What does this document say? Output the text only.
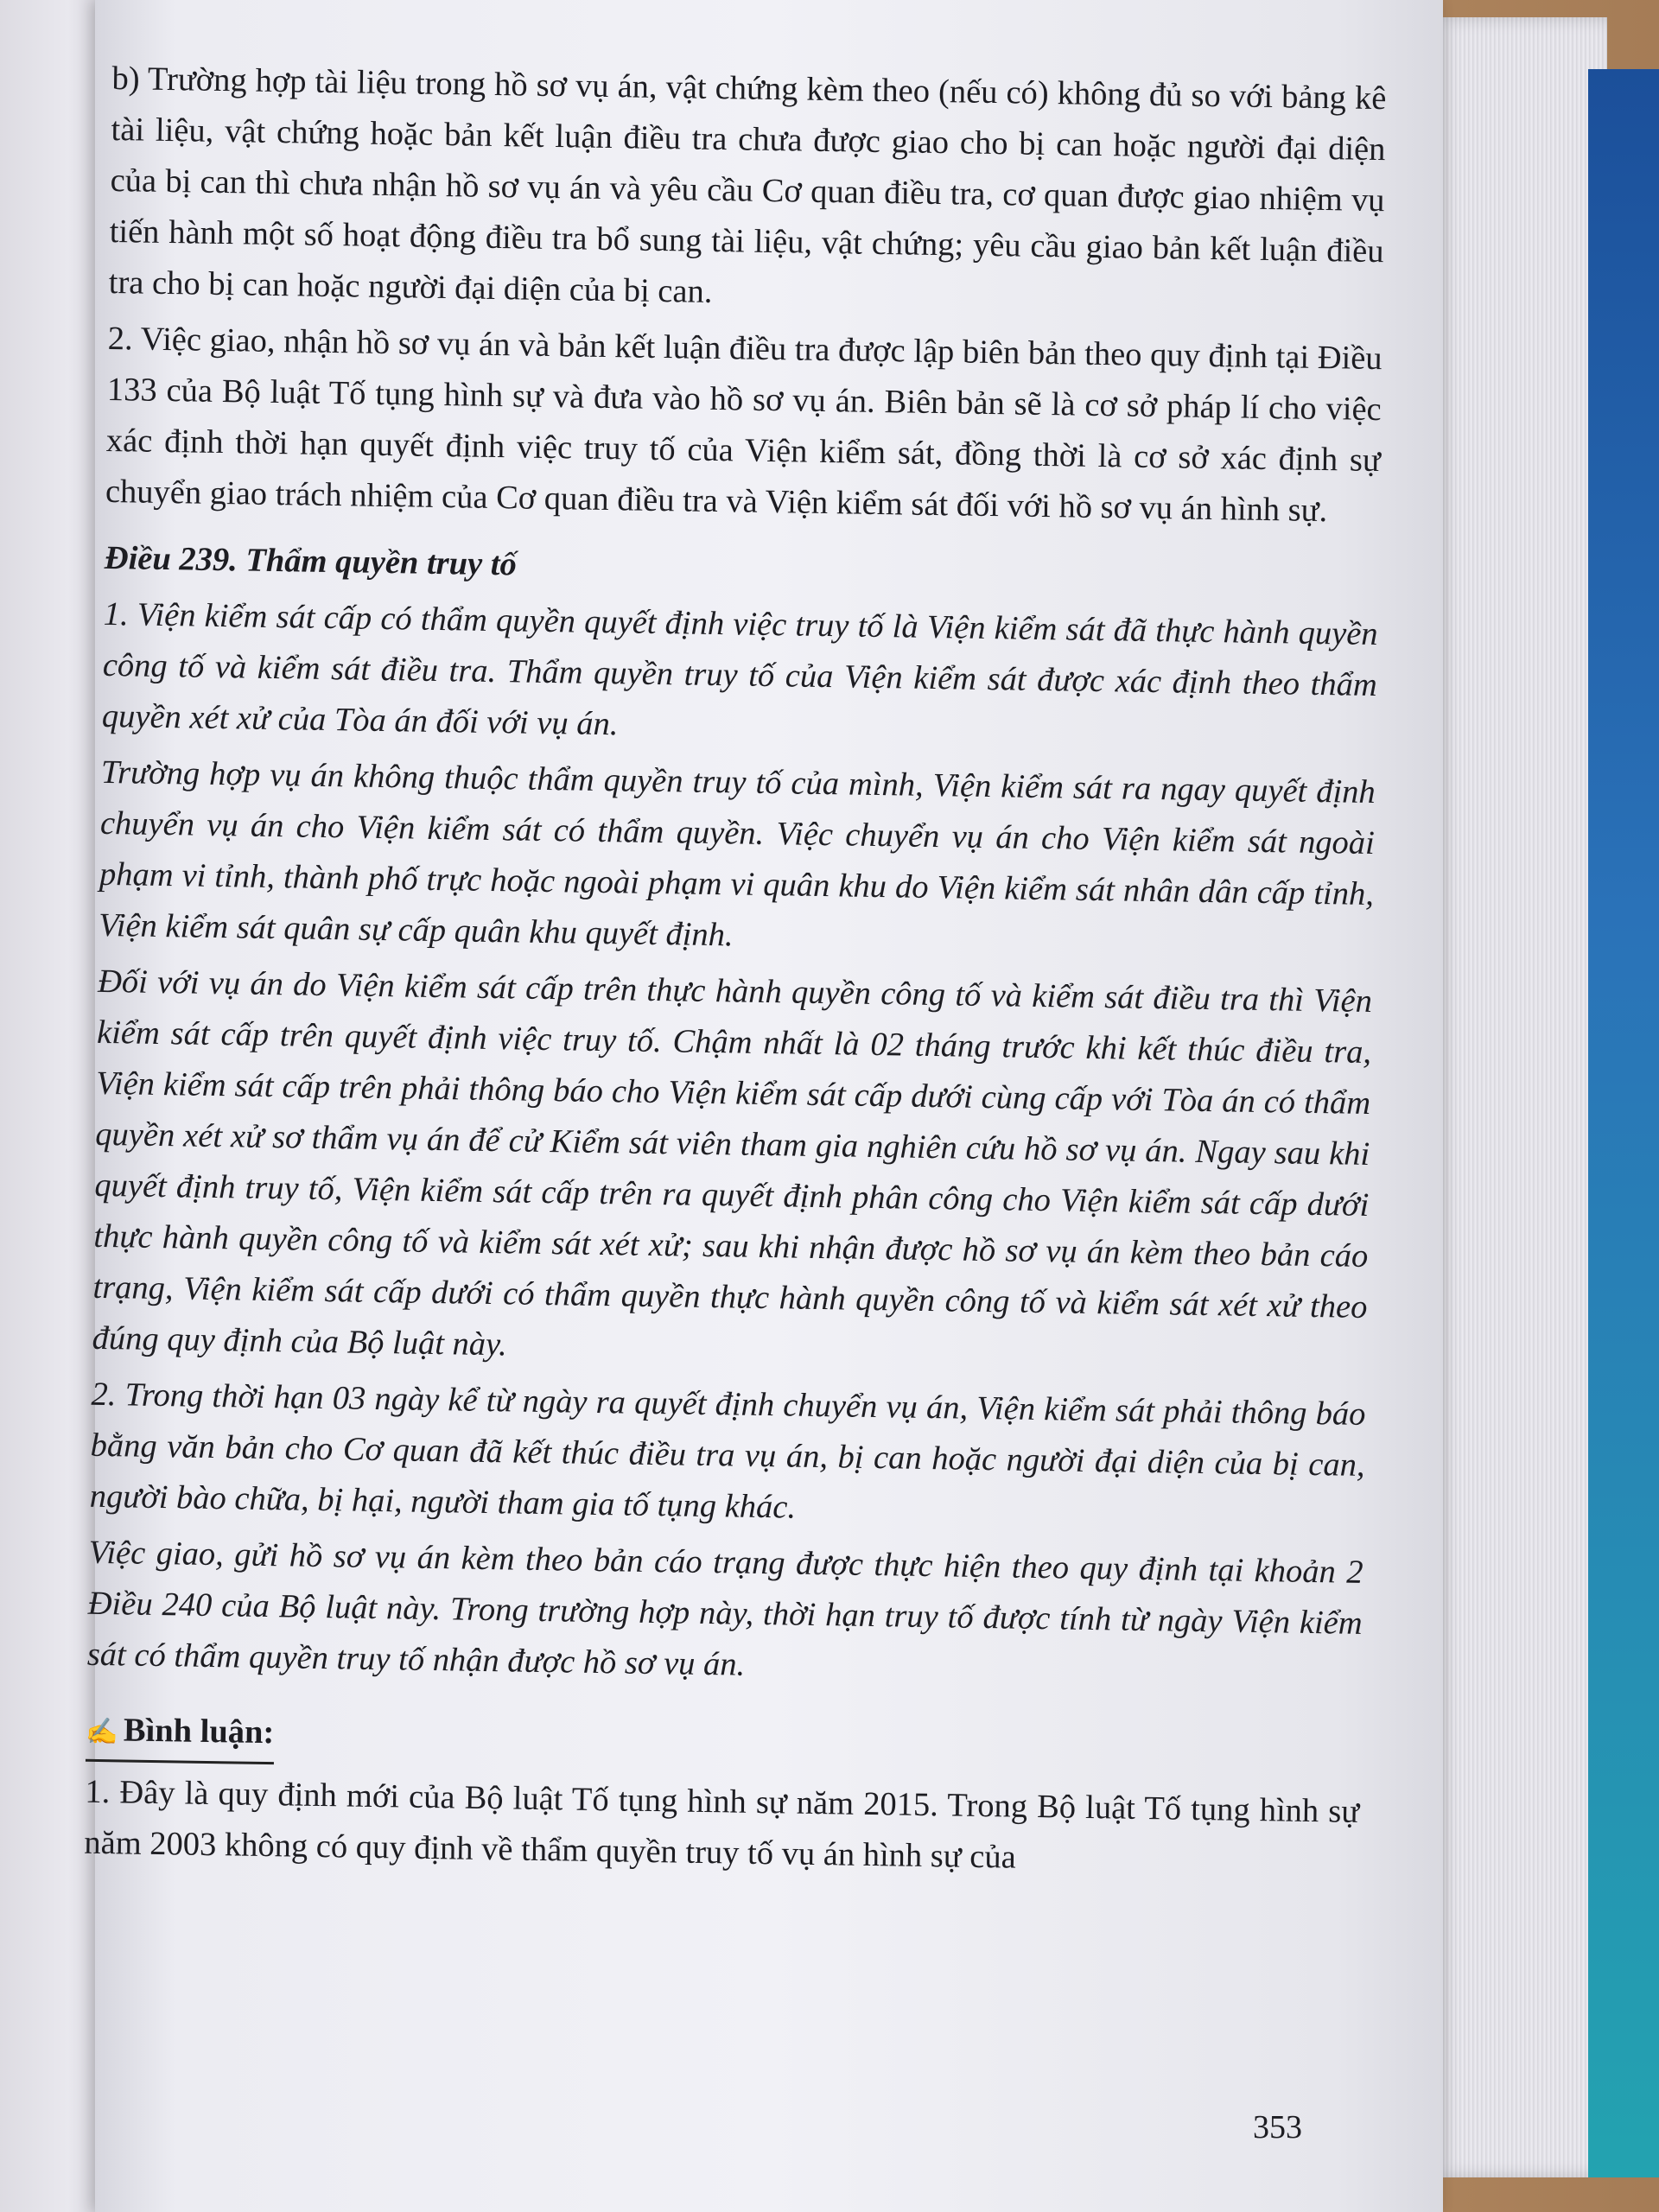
b) Trường hợp tài liệu trong hồ sơ vụ án, vật chứng kèm theo (nếu có) không đủ so với bảng kê tài liệu, vật chứng hoặc bản kết luận điều tra chưa được giao cho bị can hoặc người đại diện của bị can thì chưa nhận hồ sơ vụ án và yêu cầu Cơ quan điều tra, cơ quan được giao nhiệm vụ tiến hành một số hoạt động điều tra bổ sung tài liệu, vật chứng; yêu cầu giao bản kết luận điều tra cho bị can hoặc người đại diện của bị can.

2. Việc giao, nhận hồ sơ vụ án và bản kết luận điều tra được lập biên bản theo quy định tại Điều 133 của Bộ luật Tố tụng hình sự và đưa vào hồ sơ vụ án. Biên bản sẽ là cơ sở pháp lí cho việc xác định thời hạn quyết định việc truy tố của Viện kiểm sát, đồng thời là cơ sở xác định sự chuyển giao trách nhiệm của Cơ quan điều tra và Viện kiểm sát đối với hồ sơ vụ án hình sự.

Điều 239. Thẩm quyền truy tố

1. Viện kiểm sát cấp có thẩm quyền quyết định việc truy tố là Viện kiểm sát đã thực hành quyền công tố và kiểm sát điều tra. Thẩm quyền truy tố của Viện kiểm sát được xác định theo thẩm quyền xét xử của Tòa án đối với vụ án.

Trường hợp vụ án không thuộc thẩm quyền truy tố của mình, Viện kiểm sát ra ngay quyết định chuyển vụ án cho Viện kiểm sát có thẩm quyền. Việc chuyển vụ án cho Viện kiểm sát ngoài phạm vi tỉnh, thành phố trực hoặc ngoài phạm vi quân khu do Viện kiểm sát nhân dân cấp tỉnh, Viện kiểm sát quân sự cấp quân khu quyết định.

Đối với vụ án do Viện kiểm sát cấp trên thực hành quyền công tố và kiểm sát điều tra thì Viện kiểm sát cấp trên quyết định việc truy tố. Chậm nhất là 02 tháng trước khi kết thúc điều tra, Viện kiểm sát cấp trên phải thông báo cho Viện kiểm sát cấp dưới cùng cấp với Tòa án có thẩm quyền xét xử sơ thẩm vụ án để cử Kiểm sát viên tham gia nghiên cứu hồ sơ vụ án. Ngay sau khi quyết định truy tố, Viện kiểm sát cấp trên ra quyết định phân công cho Viện kiểm sát cấp dưới thực hành quyền công tố và kiểm sát xét xử; sau khi nhận được hồ sơ vụ án kèm theo bản cáo trạng, Viện kiểm sát cấp dưới có thẩm quyền thực hành quyền công tố và kiểm sát xét xử theo đúng quy định của Bộ luật này.

2. Trong thời hạn 03 ngày kể từ ngày ra quyết định chuyển vụ án, Viện kiểm sát phải thông báo bằng văn bản cho Cơ quan đã kết thúc điều tra vụ án, bị can hoặc người đại diện của bị can, người bào chữa, bị hại, người tham gia tố tụng khác.

Việc giao, gửi hồ sơ vụ án kèm theo bản cáo trạng được thực hiện theo quy định tại khoản 2 Điều 240 của Bộ luật này. Trong trường hợp này, thời hạn truy tố được tính từ ngày Viện kiểm sát có thẩm quyền truy tố nhận được hồ sơ vụ án.

✍ Bình luận:

1. Đây là quy định mới của Bộ luật Tố tụng hình sự năm 2015. Trong Bộ luật Tố tụng hình sự năm 2003 không có quy định về thẩm quyền truy tố vụ án hình sự của

353
